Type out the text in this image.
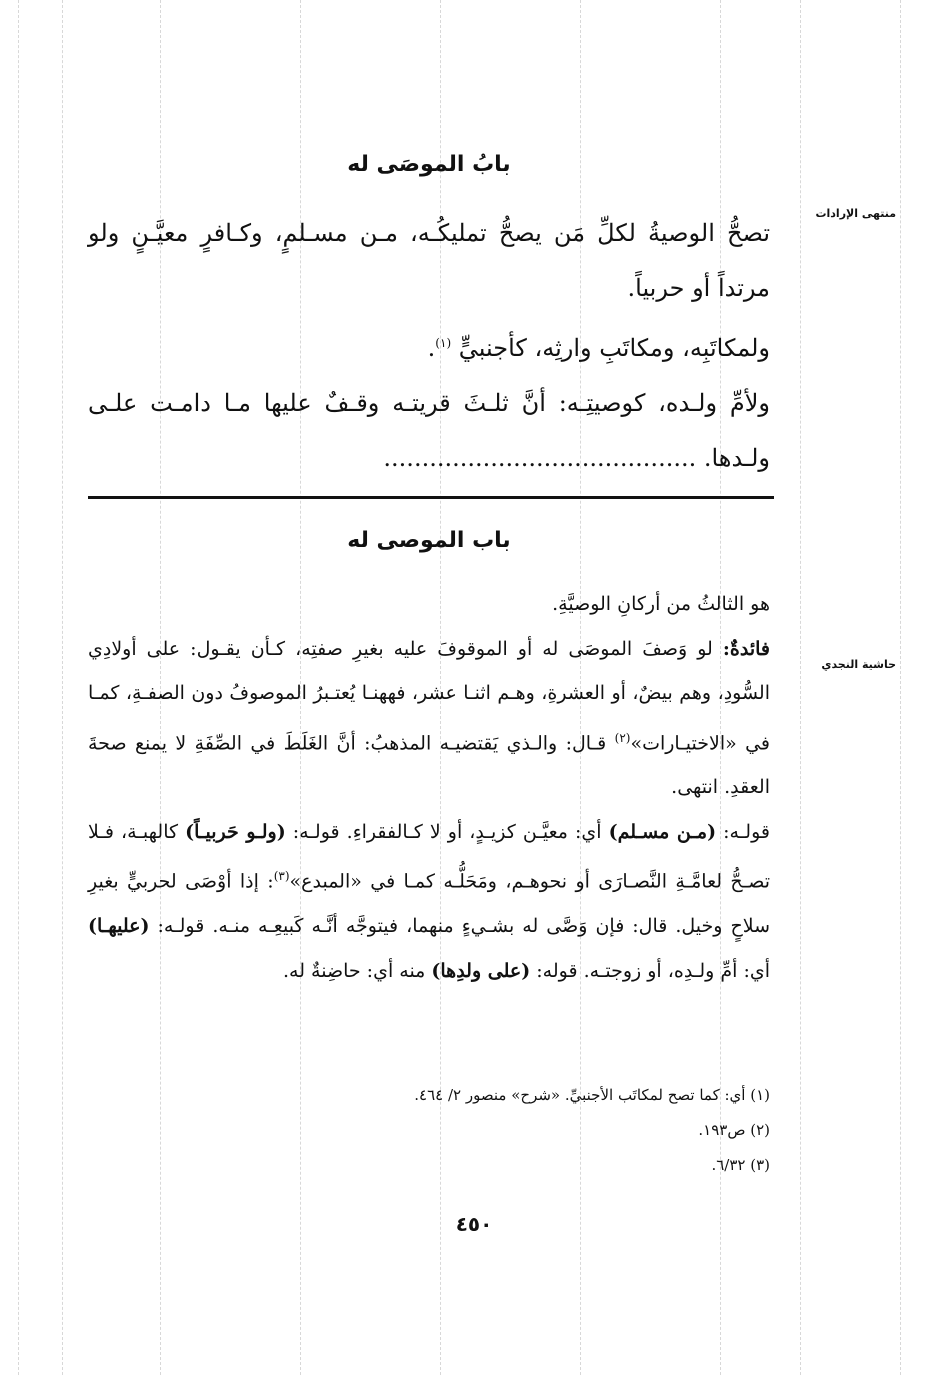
منتهى الإرادات
حاشية النجدي
بابُ الموصَى له

تصحُّ الوصيةُ لكلِّ مَن يصحُّ تمليكُـه، مـن مسـلمٍ، وكـافرٍ معيَّـنٍ ولو مرتداً أو حربياً.

ولمكاتَبِه، ومكاتَبِ وارثِه، كأجنبيٍّ $^{(١)}$.

ولأمِّ ولـده، كوصيتِـه: أنَّ ثلـثَ قريتـه وقـفٌ عليها مـا دامـت علـى ولـدها. .........................................

باب الموصى له

هو الثالثُ من أركانِ الوصيَّةِ.

فائدةٌ: لو وَصفَ الموصَى له أو الموقوفَ عليه بغيرِ صفتِه، كـأن يقـول: على أولادِي السُّودِ، وهم بيضٌ، أو العشرةِ، وهـم اثنـا عشر، فههنـا يُعتـبرُ الموصوفُ دون الصفـةِ، كمـا في «الاختيـارات»$^{(٢)}$ قـال: والـذي يَقتضيـه المذهبُ: أنَّ الغَلَطَ في الصِّفَةِ لا يمنع صحةَ العقدِ. انتهى.

قولـه: (مـن مسـلم) أي: معيَّـن كزيـدٍ، أو لا كـالفقراءِ. قولـه: (ولـو حَربيـاً) كالهبـة، فـلا تصـحُّ لعامَّـةِ النَّصـارَى أو نحوهـم، ومَحَلُّـه كمـا في «المبدع»$^{(٣)}$: إذا أوْصَى لحربيٍّ بغيرِ سلاحٍ وخيل. قال: فإن وَصَّى له بشـيءٍ منهما، فيتوجَّه أنَّـه كَبيعِـه منـه. قولـه: (عليهـا) أي: أمِّ ولـدِه، أو زوجتـه. قوله: (على ولدِها) منه أي: حاضِنةٌ له.

(١) أي: كما تصح لمكاتَب الأجنبيِّ. «شرح» منصور ٢/ ٤٦٤.

(٢) ص١٩٣.

(٣) ٦/٣٢.

٤٥٠
